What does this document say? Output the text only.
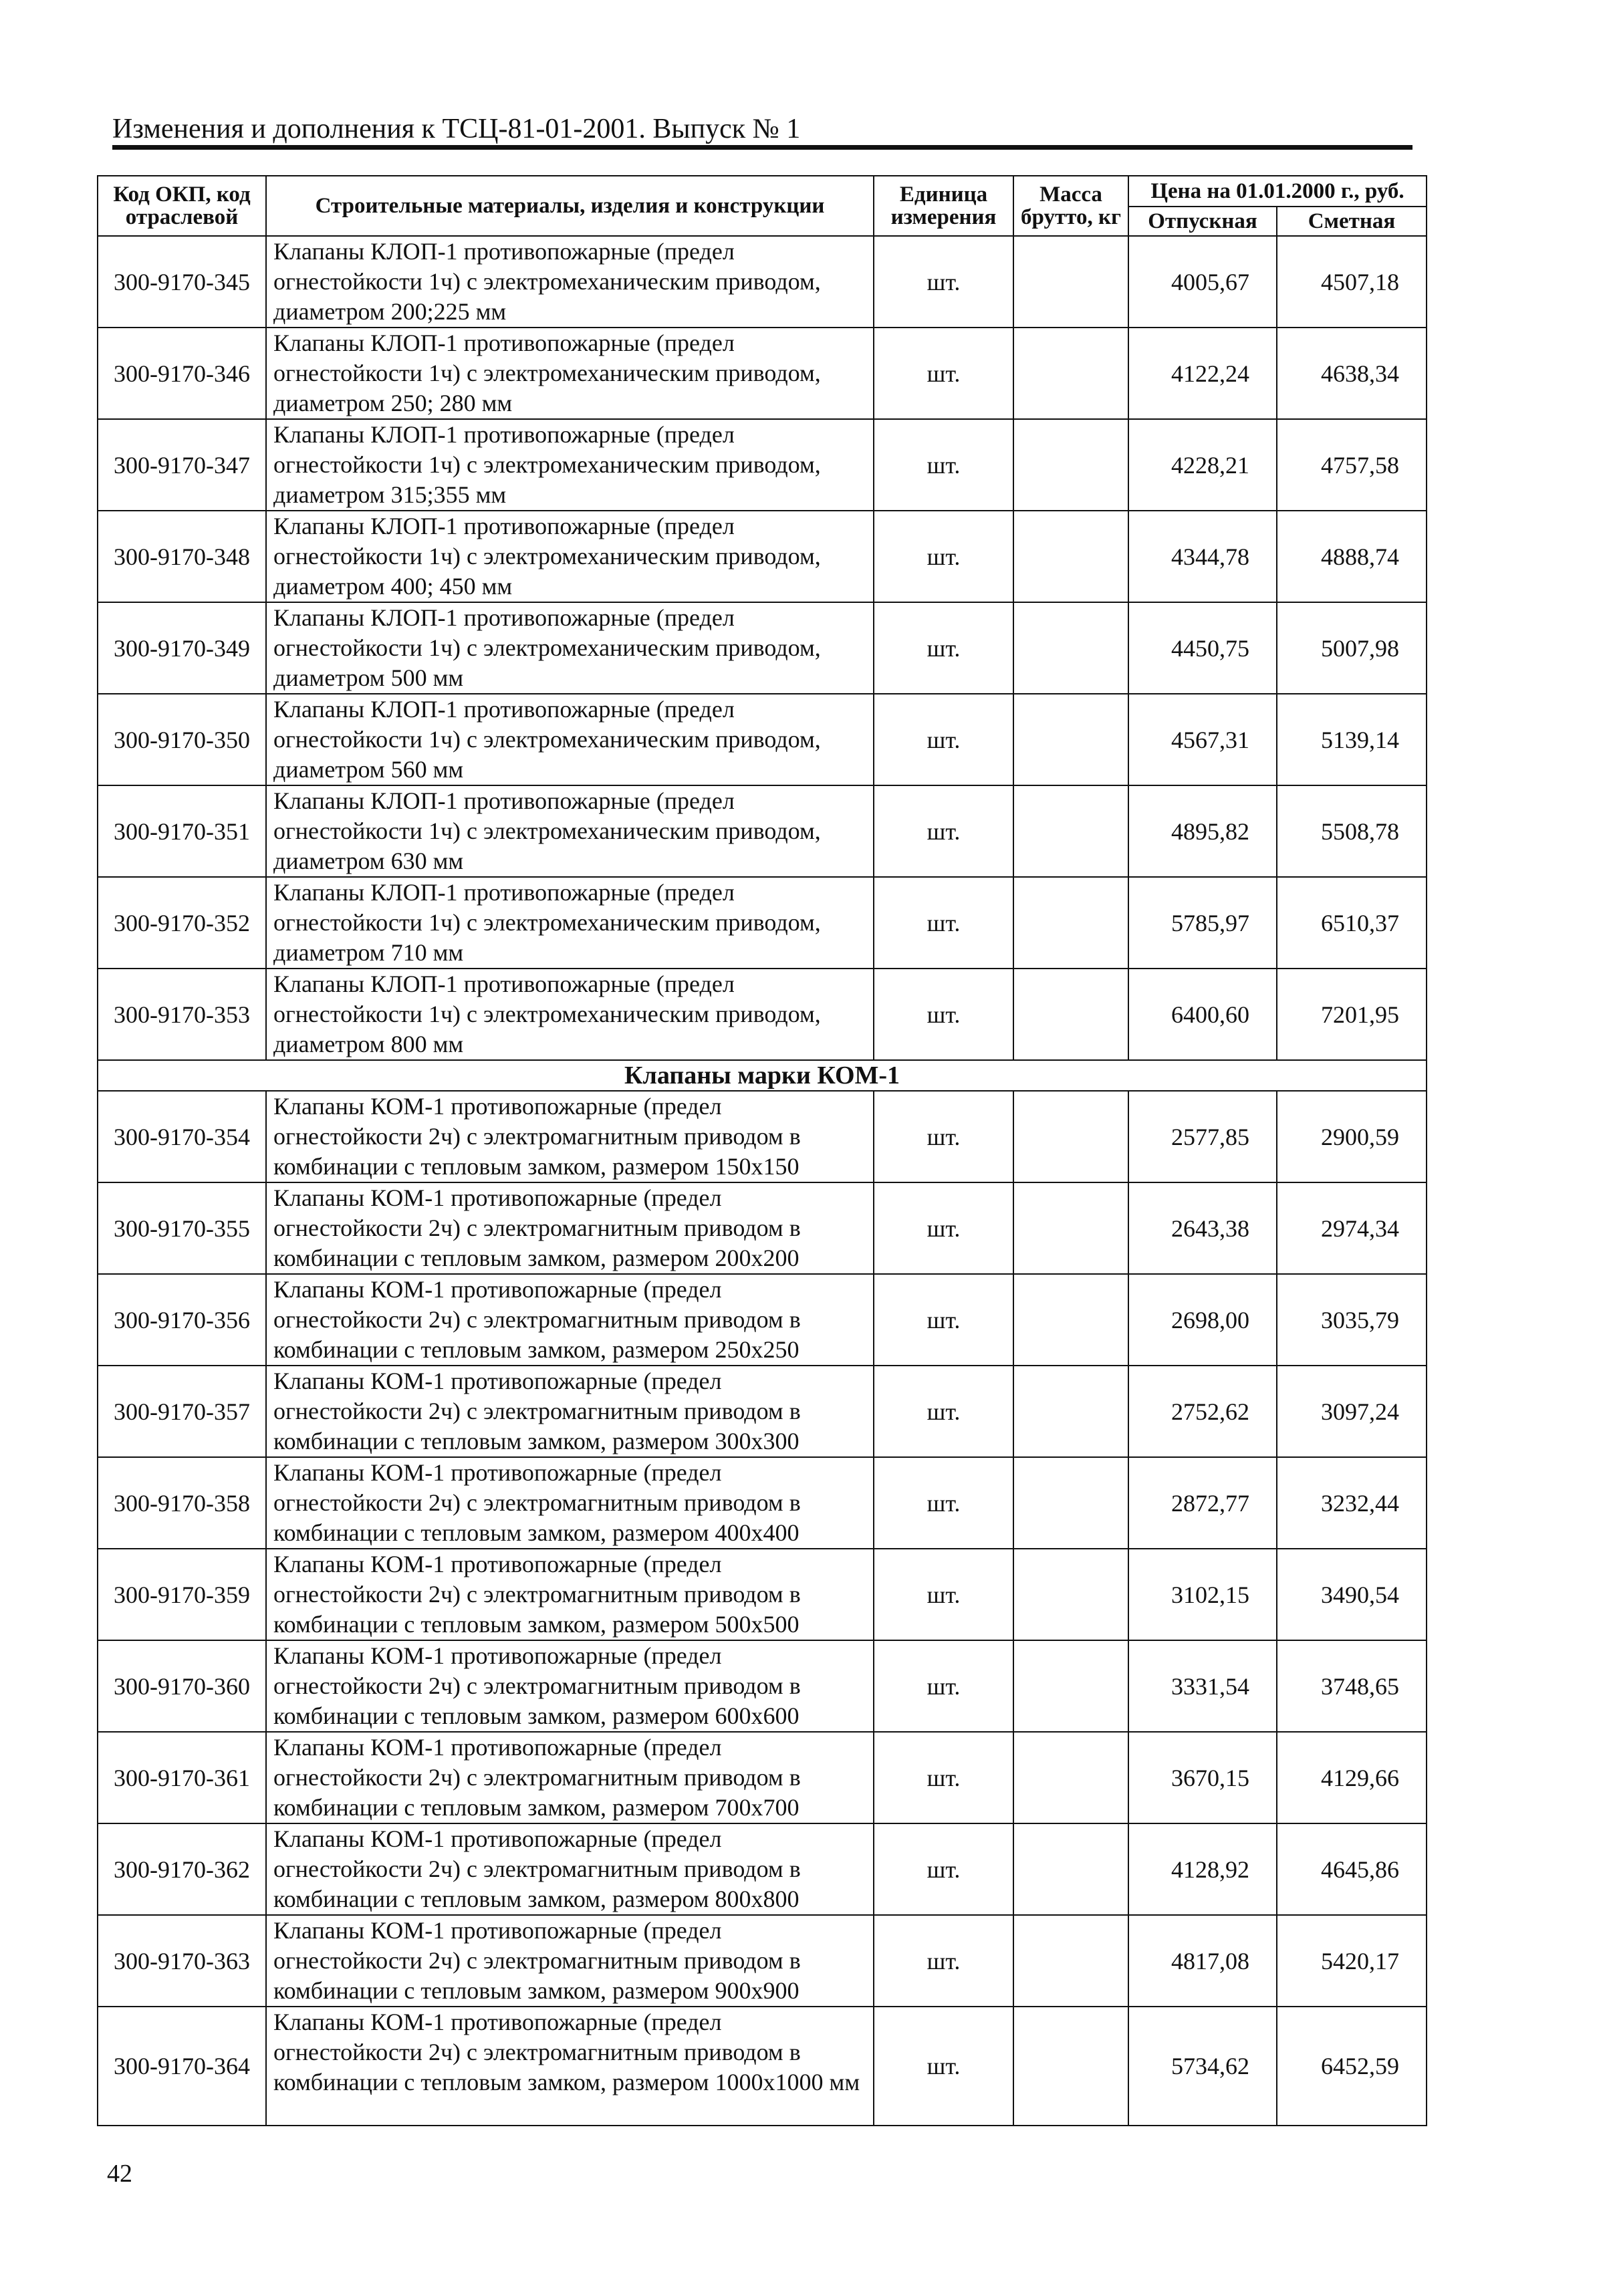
Изменения и дополнения к ТСЦ-81-01-2001. Выпуск № 1
Код ОКП, код отраслевой	Строительные материалы, изделия и конструкции	Единица измерения	Масса брутто, кг	Цена на 01.01.2000 г., руб.	
				Отпускная	Сметная
300-9170-345	Клапаны КЛОП-1 противопожарные (предел огнестойкости 1ч) с электромеханическим приводом, диаметром 200;225 мм	шт.		4005,67	4507,18
300-9170-346	Клапаны КЛОП-1 противопожарные (предел огнестойкости 1ч) с электромеханическим приводом, диаметром 250; 280 мм	шт.		4122,24	4638,34
300-9170-347	Клапаны КЛОП-1 противопожарные (предел огнестойкости 1ч) с электромеханическим приводом, диаметром 315;355 мм	шт.		4228,21	4757,58
300-9170-348	Клапаны КЛОП-1 противопожарные (предел огнестойкости 1ч) с электромеханическим приводом, диаметром 400; 450 мм	шт.		4344,78	4888,74
300-9170-349	Клапаны КЛОП-1 противопожарные (предел огнестойкости 1ч) с электромеханическим приводом, диаметром 500 мм	шт.		4450,75	5007,98
300-9170-350	Клапаны КЛОП-1 противопожарные (предел огнестойкости 1ч) с электромеханическим приводом, диаметром 560 мм	шт.		4567,31	5139,14
300-9170-351	Клапаны КЛОП-1 противопожарные (предел огнестойкости 1ч) с электромеханическим приводом, диаметром 630 мм	шт.		4895,82	5508,78
300-9170-352	Клапаны КЛОП-1 противопожарные (предел огнестойкости 1ч) с электромеханическим приводом, диаметром 710 мм	шт.		5785,97	6510,37
300-9170-353	Клапаны КЛОП-1 противопожарные (предел огнестойкости 1ч) с электромеханическим приводом, диаметром 800 мм	шт.		6400,60	7201,95
Клапаны марки КОМ-1					
300-9170-354	Клапаны КОМ-1 противопожарные (предел огнестойкости 2ч) с электромагнитным приводом в комбинации с тепловым замком, размером 150х150	шт.		2577,85	2900,59
300-9170-355	Клапаны КОМ-1 противопожарные (предел огнестойкости 2ч) с электромагнитным приводом в комбинации с тепловым замком, размером 200х200	шт.		2643,38	2974,34
300-9170-356	Клапаны КОМ-1 противопожарные (предел огнестойкости 2ч) с электромагнитным приводом в комбинации с тепловым замком, размером 250х250	шт.		2698,00	3035,79
300-9170-357	Клапаны КОМ-1 противопожарные (предел огнестойкости 2ч) с электромагнитным приводом в комбинации с тепловым замком, размером 300х300	шт.		2752,62	3097,24
300-9170-358	Клапаны КОМ-1 противопожарные (предел огнестойкости 2ч) с электромагнитным приводом в комбинации с тепловым замком, размером 400х400	шт.		2872,77	3232,44
300-9170-359	Клапаны КОМ-1 противопожарные (предел огнестойкости 2ч) с электромагнитным приводом в комбинации с тепловым замком, размером 500х500	шт.		3102,15	3490,54
300-9170-360	Клапаны КОМ-1 противопожарные (предел огнестойкости 2ч) с электромагнитным приводом в комбинации с тепловым замком, размером 600х600	шт.		3331,54	3748,65
300-9170-361	Клапаны КОМ-1 противопожарные (предел огнестойкости 2ч) с электромагнитным приводом в комбинации с тепловым замком, размером 700х700	шт.		3670,15	4129,66
300-9170-362	Клапаны КОМ-1 противопожарные (предел огнестойкости 2ч) с электромагнитным приводом в комбинации с тепловым замком, размером 800х800	шт.		4128,92	4645,86
300-9170-363	Клапаны КОМ-1 противопожарные (предел огнестойкости 2ч) с электромагнитным приводом в комбинации с тепловым замком, размером 900х900	шт.		4817,08	5420,17
300-9170-364	Клапаны КОМ-1 противопожарные (предел огнестойкости 2ч) с электромагнитным приводом в комбинации с тепловым замком, размером 1000х1000 мм	шт.		5734,62	6452,59
42
